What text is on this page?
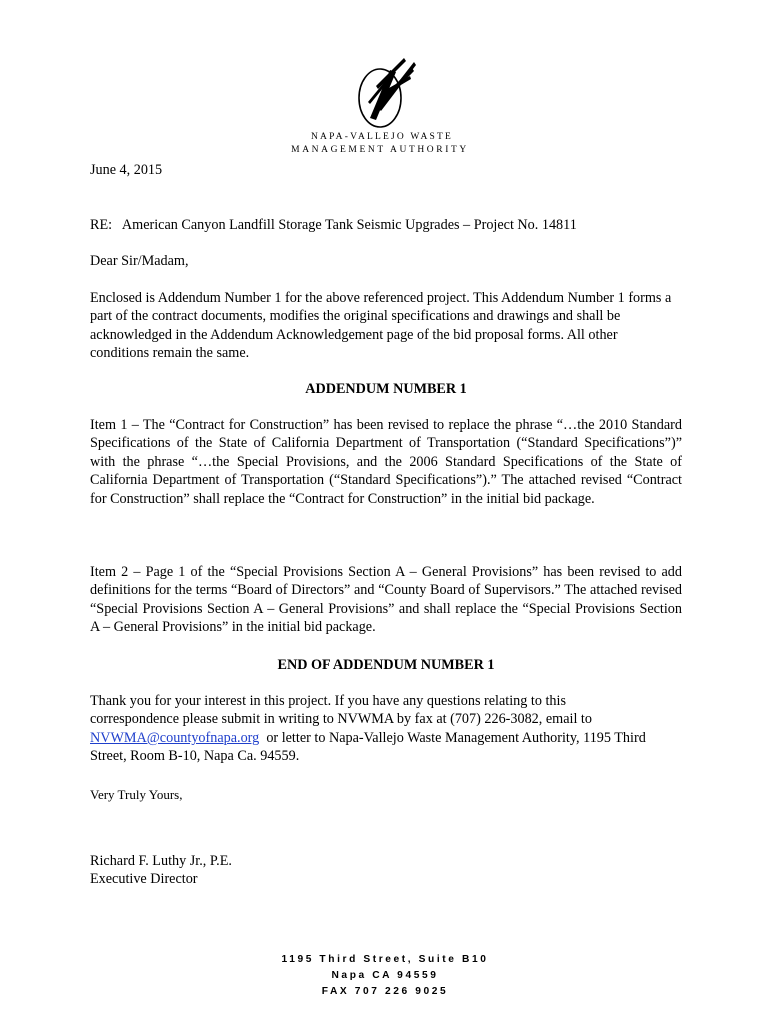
NAPA-VALLEJO WASTE
MANAGEMENT AUTHORITY
June 4, 2015
RE:   American Canyon Landfill Storage Tank Seismic Upgrades – Project No. 14811
Dear Sir/Madam,
Enclosed is Addendum Number 1 for the above referenced project. This Addendum Number 1 forms a part of the contract documents, modifies the original specifications and drawings and shall be acknowledged in the Addendum Acknowledgement page of the bid proposal forms. All other conditions remain the same.
ADDENDUM NUMBER 1
Item 1 – The “Contract for Construction” has been revised to replace the phrase “…the 2010 Standard Specifications of the State of California Department of Transportation (“Standard Specifications”)” with the phrase “…the Special Provisions, and the 2006 Standard Specifications of the State of California Department of Transportation (“Standard Specifications”).” The attached revised “Contract for Construction” shall replace the “Contract for Construction” in the initial bid package.
Item 2 – Page 1 of the “Special Provisions Section A – General Provisions” has been revised to add definitions for the terms “Board of Directors” and “County Board of Supervisors.” The attached revised “Special Provisions Section A – General Provisions” and shall replace the “Special Provisions Section A – General Provisions” in the initial bid package.
END OF ADDENDUM NUMBER 1
Thank you for your interest in this project. If you have any questions relating to this
correspondence please submit in writing to NVWMA by fax at (707) 226-3082, email to
NVWMA@countyofnapa.org  or letter to Napa-Vallejo Waste Management Authority, 1195 Third
Street, Room B-10, Napa Ca. 94559.
Very Truly Yours,
Richard F. Luthy Jr., P.E.
Executive Director
1195 Third Street, Suite B10
Napa CA 94559
FAX 707 226 9025
